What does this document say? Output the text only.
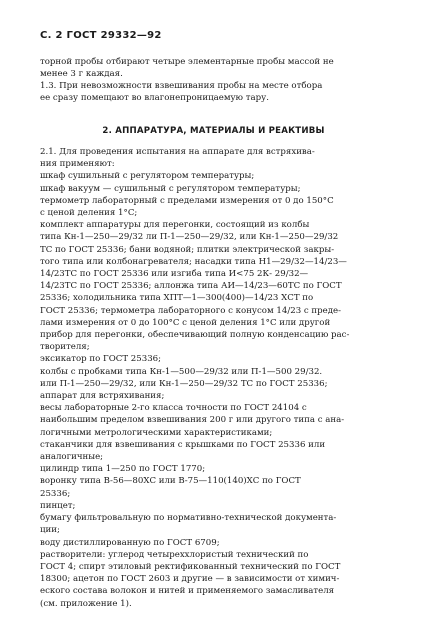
С. 2 ГОСТ 29332—92
торной пробы отбирают четыре элементарные пробы массой не
менее 3 г каждая.
1.3. При невозможности взвешивания пробы на месте отбора
ее сразу помещают во влагонепроницаемую тару.
2. АППАРАТУРА, МАТЕРИАЛЫ И РЕАКТИВЫ
2.1. Для проведения испытания на аппарате для встряхива-
ния применяют:
шкаф сушильный с регулятором температуры;
шкаф вакуум — сушильный с регулятором температуры;
термометр лабораторный с пределами измерения от 0 до 150°С
с ценой деления 1°С;
комплект аппаратуры для перегонки, состоящий из колбы
типа Кн-1—250—29/32 ли П-1—250—29/32, или Кн-1—250—29/32
ТС по ГОСТ 25336; бани водяной; плитки электрической закры-
того типа или колбонагревателя; насадки типа Н1—29/32—14/23—
14/23ТС по ГОСТ 25336 или изгиба типа И<75 2К- 29/32—
14/23ТС по ГОСТ 25336; аллонжа типа АИ—14/23—60ТС по ГОСТ
25336; холодильника типа ХПТ—1—300(400)—14/23 ХСТ по
ГОСТ 25336; термометра лабораторного с конусом 14/23 с преде-
лами измерения от 0 до 100°С с ценой деления 1°С или другой
прибор для перегонки, обеспечивающий полную конденсацию рас-
творителя;
эксикатор по ГОСТ 25336;
колбы с пробками типа Кн-1—500—29/32 или П-1—500 29/32.
или П-1—250—29/32, или Кн-1—250—29/32 ТС по ГОСТ 25336;
аппарат для встряхивания;
весы лабораторные 2-го класса точности по ГОСТ 24104 с
наибольшим пределом взвешивания 200 г или другого типа с ана-
логичными метрологическими характеристиками;
стаканчики для взвешивания с крышками по ГОСТ 25336 или
аналогичные;
цилиндр типа 1—250 по ГОСТ 1770;
воронку типа В-56—80ХС или В-75—110(140)ХС по ГОСТ
25336;
пинцет;
бумагу фильтровальную по нормативно-технической документа-
ции;
воду дистиллированную по ГОСТ 6709;
растворители: углерод четыреххлористый технический по
ГОСТ 4; спирт этиловый ректификованный технический по ГОСТ
18300; ацетон по ГОСТ 2603 и другие — в зависимости от химич-
еского состава волокон и нитей и применяемого замасливателя
(см. приложение 1).
